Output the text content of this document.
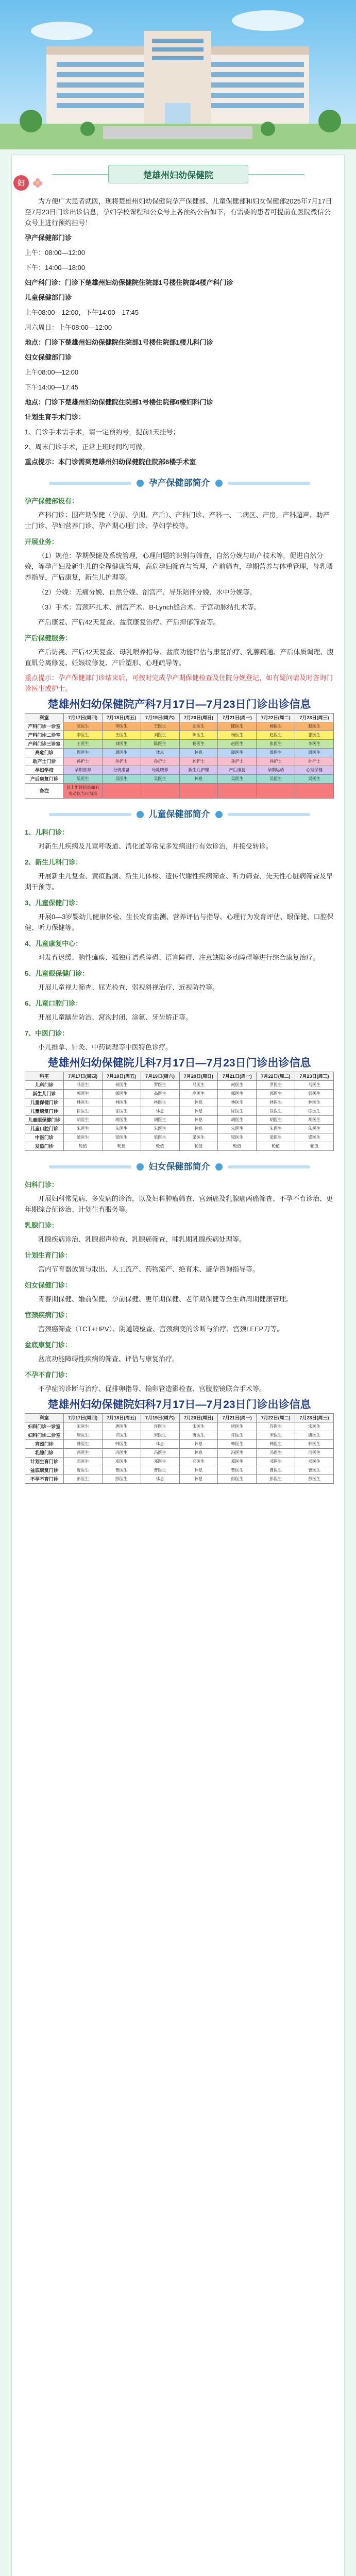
妇
楚雄州妇幼保健院

为方便广大患者就医，现将楚雄州妇幼保健院孕产保健部、儿童保健部和妇女保健部2025年7月17日至7月23日门诊出诊信息，孕妇学校课程和公众号上各预约公告如下，有需要的患者可提前在医院微信公众号上进行预约挂号！

孕产保健部门诊

上午：08:00—12:00

下午：14:00—18:00

妇产科门诊：门诊下楚雄州妇幼保健院住院部1号楼住院部4楼产科门诊

儿童保健部门诊

上午08:00—12:00，下午14:00—17:45

周六周日：上午08:00—12:00

地点：门诊下楚雄州妇幼保健院住院部1号楼住院部1楼儿科门诊

妇女保健部门诊

上午08:00—12:00

下午14:00—17:45

地点：门诊下楚雄州妇幼保健院住院部1号楼住院部6楼妇科门诊

计划生育手术门诊：

1、门诊手术需手术，请一定预约号，提前1天挂号；

2、周末门诊手术，正常上班时间均可做。

重点提示：本门诊需到楚雄州妇幼保健院住院部6楼手术室

孕产保健部简介

孕产保健部设有：

产科门诊：围产期保健（孕前、孕期、产后）、产科门诊、产科一、二病区、产房，产科超声、助产士门诊、孕妇营养门诊、孕产期心理门诊、孕妇学校等。

开展业务：

（1）规范：孕期保健及系统管理，心理问题的识别与筛查，自然分娩与助产技术等，促进自然分娩，等孕产妇及新生儿的全程健康管理，高危孕妇筛查与管理，产前筛查，孕期营养与体重管理，母乳喂养指导，产后康复，新生儿护理等。

（2）分娩：无痛分娩、自然分娩、剖宫产、导乐陪伴分娩、水中分娩等。

（3）手术：宫颈环扎术、剖宫产术、B-Lynch缝合术、子宫动脉结扎术等。

产后康复、产后42天复查、盆底康复治疗、产后抑郁筛查等。

产后保健服务：

产后访视、产后42天复查、母乳喂养指导、盆底功能评估与康复治疗、乳腺疏通、产后体质调理、腹直肌分离修复、妊娠纹修复、产后塑形、心理疏导等。

重点提示：孕产保健部门诊结束后，可按时完成孕产期保健检查及住院分娩登记，如有疑问请及时咨询门诊医生或护士。

楚雄州妇幼保健院产科7月17日—7月23日门诊出诊信息
科室	7月17日(周四)	7月18日(周五)	7月19日(周六)	7月20日(周日)	7月21日(周一)	7月22日(周二)	7月23日(周三)
产科门诊一诊室	张医生	李医生	王医生	刘医生	陈医生	杨医生	赵医生
产科门诊二诊室	李医生	王医生	刘医生	陈医生	杨医生	赵医生	张医生
产科门诊三诊室	王医生	刘医生	陈医生	杨医生	赵医生	张医生	李医生
高危门诊	周医生	周医生	休息	休息	周医生	周医生	周医生
助产士门诊	孙护士	孙护士	孙护士	孙护士	孙护士	孙护士	孙护士
孕妇学校	孕期营养	分娩准备	母乳喂养	新生儿护理	产后康复	孕期运动	心理保健
产后康复门诊	吴医生	吴医生	吴医生	休息	吴医生	吴医生	吴医生
备注	以上出诊信息如有变动以当日为准						
儿童保健部简介

1、儿科门诊：

对新生儿疾病及儿童呼吸道、消化道等常见多发病进行有效诊治，并接受转诊。

2、新生儿科门诊：

开展新生儿复查、黄疸监测、新生儿体检、遗传代谢性疾病筛查、听力筛查、先天性心脏病筛查及早期干预等。

3、儿童保健门诊：

开展0—3岁婴幼儿健康体检、生长发育监测、营养评估与指导、心理行为发育评估、眼保健、口腔保健、听力保健等。

4、儿童康复中心：

对发育迟缓、脑性瘫痪、孤独症谱系障碍、语言障碍、注意缺陷多动障碍等进行综合康复治疗。

5、儿童眼保健门诊：

开展儿童视力筛查、屈光检查、弱视斜视治疗、近视防控等。

6、儿童口腔门诊：

开展儿童龋齿防治、窝沟封闭、涂氟、牙齿矫正等。

7、中医门诊：

小儿推拿、针灸、中药调理等中医特色诊疗。

楚雄州妇幼保健院儿科7月17日—7月23日门诊出诊信息
科室	7月17日(周四)	7月18日(周五)	7月19日(周六)	7月20日(周日)	7月21日(周一)	7月22日(周二)	7月23日(周三)
儿科门诊	马医生	何医生	罗医生	马医生	何医生	罗医生	马医生
新生儿门诊	郭医生	郭医生	高医生	高医生	郭医生	郭医生	郭医生
儿童保健门诊	林医生	林医生	林医生	休息	林医生	林医生	林医生
儿童康复门诊	徐医生	徐医生	休息	休息	徐医生	徐医生	徐医生
儿童眼保健门诊	胡医生	胡医生	胡医生	休息	胡医生	胡医生	胡医生
儿童口腔门诊	朱医生	朱医生	朱医生	休息	朱医生	朱医生	朱医生
中医门诊	梁医生	梁医生	梁医生	梁医生	梁医生	梁医生	梁医生
发热门诊	轮值	轮值	轮值	轮值	轮值	轮值	轮值
妇女保健部简介

妇科门诊：

开展妇科常见病、多发病的诊治，以及妇科肿瘤筛查、宫颈癌及乳腺癌两癌筛查、不孕不育诊治、更年期综合征诊治、计划生育服务等。

乳腺门诊：

乳腺疾病诊治、乳腺超声检查、乳腺癌筛查、哺乳期乳腺疾病处理等。

计划生育门诊：

宫内节育器放置与取出、人工流产、药物流产、绝育术、避孕咨询指导等。

妇女保健门诊：

青春期保健、婚前保健、孕前保健、更年期保健、老年期保健等全生命周期健康管理。

宫颈疾病门诊：

宫颈癌筛查（TCT+HPV）、阴道镜检查、宫颈病变的诊断与治疗、宫颈LEEP刀等。

盆底康复门诊：

盆底功能障碍性疾病的筛查、评估与康复治疗。

不孕不育门诊：

不孕症的诊断与治疗、促排卵指导、输卵管造影检查、宫腹腔镜联合手术等。

楚雄州妇幼保健院妇科7月17日—7月23日门诊出诊信息
科室	7月17日(周四)	7月18日(周五)	7月19日(周六)	7月20日(周日)	7月21日(周一)	7月22日(周二)	7月23日(周三)
妇科门诊一诊室	宋医生	唐医生	许医生	宋医生	唐医生	许医生	宋医生
妇科门诊二诊室	唐医生	许医生	宋医生	唐医生	许医生	宋医生	唐医生
宫颈门诊	韩医生	韩医生	休息	休息	韩医生	韩医生	韩医生
乳腺门诊	冯医生	冯医生	冯医生	休息	冯医生	冯医生	冯医生
计划生育门诊	邓医生	邓医生	邓医生	邓医生	邓医生	邓医生	邓医生
盆底康复门诊	曹医生	曹医生	曹医生	休息	曹医生	曹医生	曹医生
不孕不育门诊	彭医生	彭医生	休息	休息	彭医生	彭医生	彭医生
